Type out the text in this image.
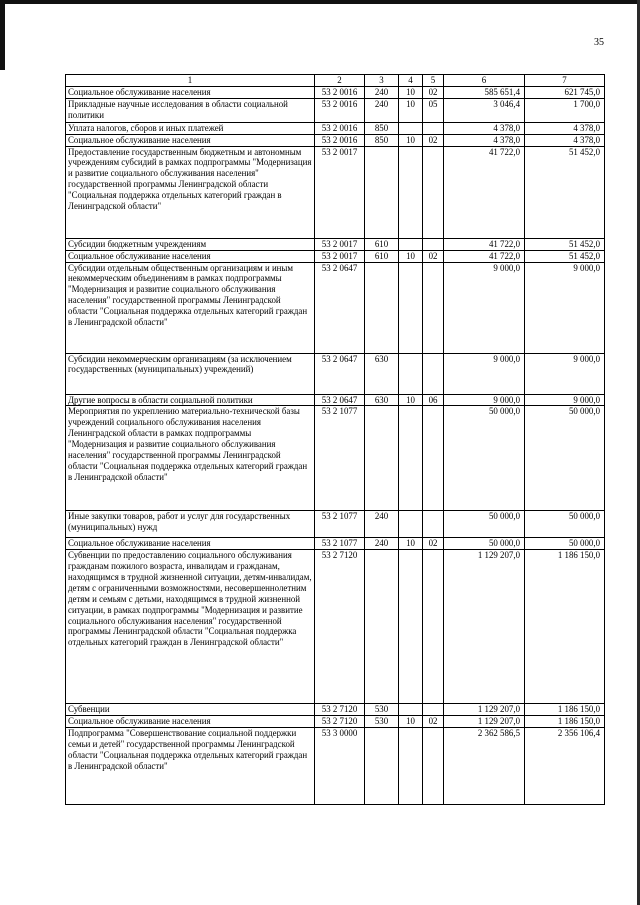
35
1	2	3	4	5	6	7
Социальное обслуживание населения	53 2 0016	240	10	02	585 651,4	621 745,0
Прикладные научные исследования в области социальной политики	53 2 0016	240	10	05	3 046,4	1 700,0
Уплата налогов, сборов и иных платежей	53 2 0016	850			4 378,0	4 378,0
Социальное обслуживание населения	53 2 0016	850	10	02	4 378,0	4 378,0
Предоставление государственным бюджетным и автономным учреждениям субсидий в рамках подпрограммы "Модернизация и развитие социального обслуживания населения" государственной программы Ленинградской области "Социальная поддержка отдельных категорий граждан в Ленинградской области"	53 2 0017				41 722,0	51 452,0
Субсидии бюджетным учреждениям	53 2 0017	610			41 722,0	51 452,0
Социальное обслуживание населения	53 2 0017	610	10	02	41 722,0	51 452,0
Субсидии отдельным общественным организациям и иным некоммерческим объединениям в рамках подпрограммы "Модернизация и развитие социального обслуживания населения" государственной программы Ленинградской области "Социальная поддержка отдельных категорий граждан в Ленинградской области"	53 2 0647				9 000,0	9 000,0
Субсидии некоммерческим организациям (за исключением государственных (муниципальных) учреждений)	53 2 0647	630			9 000,0	9 000,0
Другие вопросы в области социальной политики	53 2 0647	630	10	06	9 000,0	9 000,0
Мероприятия по укреплению материально-технической базы учреждений социального обслуживания населения Ленинградской области в рамках подпрограммы "Модернизация и развитие социального обслуживания населения" государственной программы Ленинградской области "Социальная поддержка отдельных категорий граждан в Ленинградской области"	53 2 1077				50 000,0	50 000,0
Иные закупки товаров, работ и услуг для государственных (муниципальных) нужд	53 2 1077	240			50 000,0	50 000,0
Социальное обслуживание населения	53 2 1077	240	10	02	50 000,0	50 000,0
Субвенции по предоставлению социального обслуживания гражданам пожилого возраста, инвалидам и гражданам, находящимся в трудной жизненной ситуации, детям-инвалидам, детям с ограниченными возможностями, несовершеннолетним детям и семьям с детьми, находящимся в трудной жизненной ситуации, в рамках подпрограммы "Модернизация и развитие социального обслуживания населения" государственной программы Ленинградской области "Социальная поддержка отдельных категорий граждан в Ленинградской области"	53 2 7120				1 129 207,0	1 186 150,0
Субвенции	53 2 7120	530			1 129 207,0	1 186 150,0
Социальное обслуживание населения	53 2 7120	530	10	02	1 129 207,0	1 186 150,0
Подпрограмма "Совершенствование социальной поддержки семьи и детей" государственной программы Ленинградской области "Социальная поддержка отдельных категорий граждан в Ленинградской области"	53 3 0000				2 362 586,5	2 356 106,4
